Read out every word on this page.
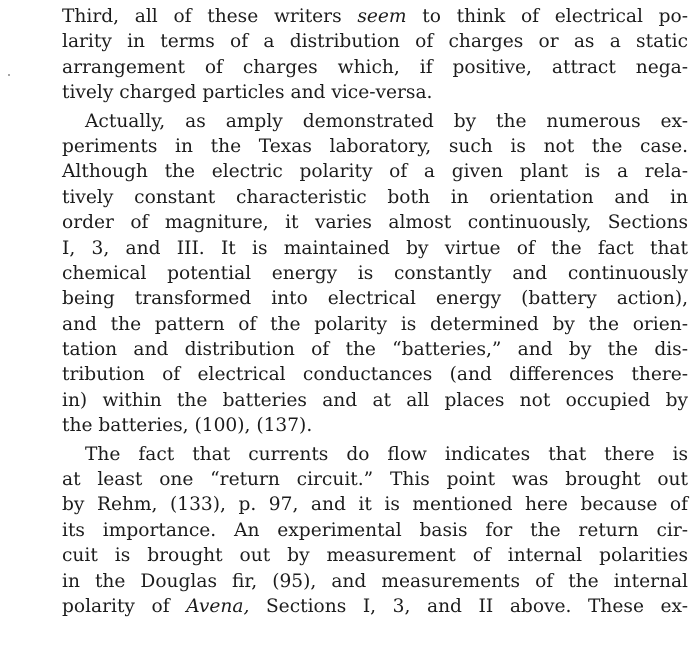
Third, all of these writers seem to think of electrical po-
larity in terms of a distribution of charges or as a static
arrangement of charges which, if positive, attract nega-
tively charged particles and vice-versa.
Actually, as amply demonstrated by the numerous ex-
periments in the Texas laboratory, such is not the case.
Although the electric polarity of a given plant is a rela-
tively constant characteristic both in orientation and in
order of magniture, it varies almost continuously, Sections
I, 3, and III. It is maintained by virtue of the fact that
chemical potential energy is constantly and continuously
being transformed into electrical energy (battery action),
and the pattern of the polarity is determined by the orien-
tation and distribution of the “batteries,” and by the dis-
tribution of electrical conductances (and differences there-
in) within the batteries and at all places not occupied by
the batteries, (100), (137).
The fact that currents do flow indicates that there is
at least one “return circuit.” This point was brought out
by Rehm, (133), p. 97, and it is mentioned here because of
its importance. An experimental basis for the return cir-
cuit is brought out by measurement of internal polarities
in the Douglas fir, (95), and measurements of the internal
polarity of Avena, Sections I, 3, and II above. These ex-
